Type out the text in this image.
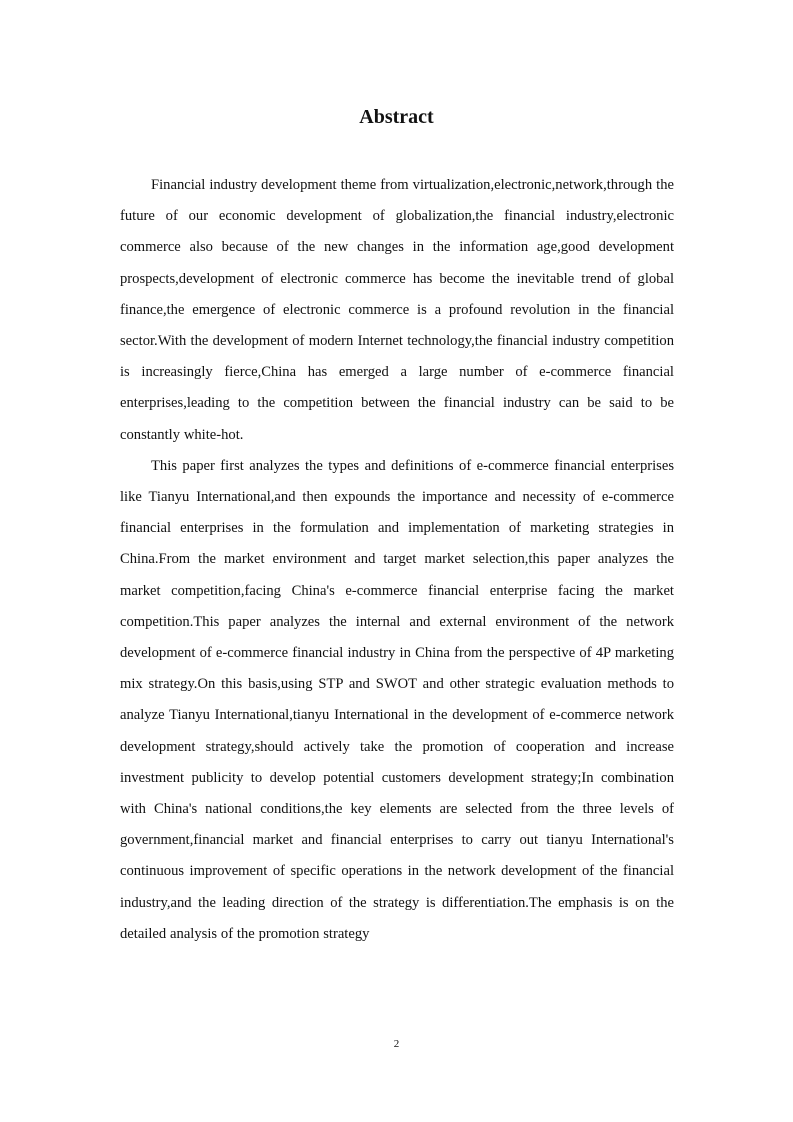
Abstract

Financial industry development theme from virtualization,electronic,network,through the future of our economic development of globalization,the financial industry,electronic commerce also because of the new changes in the information age,good development prospects,development of electronic commerce has become the inevitable trend of global finance,the emergence of electronic commerce is a profound revolution in the financial sector.With the development of modern Internet technology,the financial industry competition is increasingly fierce,China has emerged a large number of e-commerce financial enterprises,leading to the competition between the financial industry can be said to be constantly white-hot.

This paper first analyzes the types and definitions of e-commerce financial enterprises like Tianyu International,and then expounds the importance and necessity of e-commerce financial enterprises in the formulation and implementation of marketing strategies in China.From the market environment and target market selection,this paper analyzes the market competition,facing China's e-commerce financial enterprise facing the market competition.This paper analyzes the internal and external environment of the network development of e-commerce financial industry in China from the perspective of 4P marketing mix strategy.On this basis,using STP and SWOT and other strategic evaluation methods to analyze Tianyu International,tianyu International in the development of e-commerce network development strategy,should actively take the promotion of cooperation and increase investment publicity to develop potential customers development strategy;In combination with China's national conditions,the key elements are selected from the three levels of government,financial market and financial enterprises to carry out tianyu International's continuous improvement of specific operations in the network development of the financial industry,and the leading direction of the strategy is differentiation.The emphasis is on the detailed analysis of the promotion strategy

2
